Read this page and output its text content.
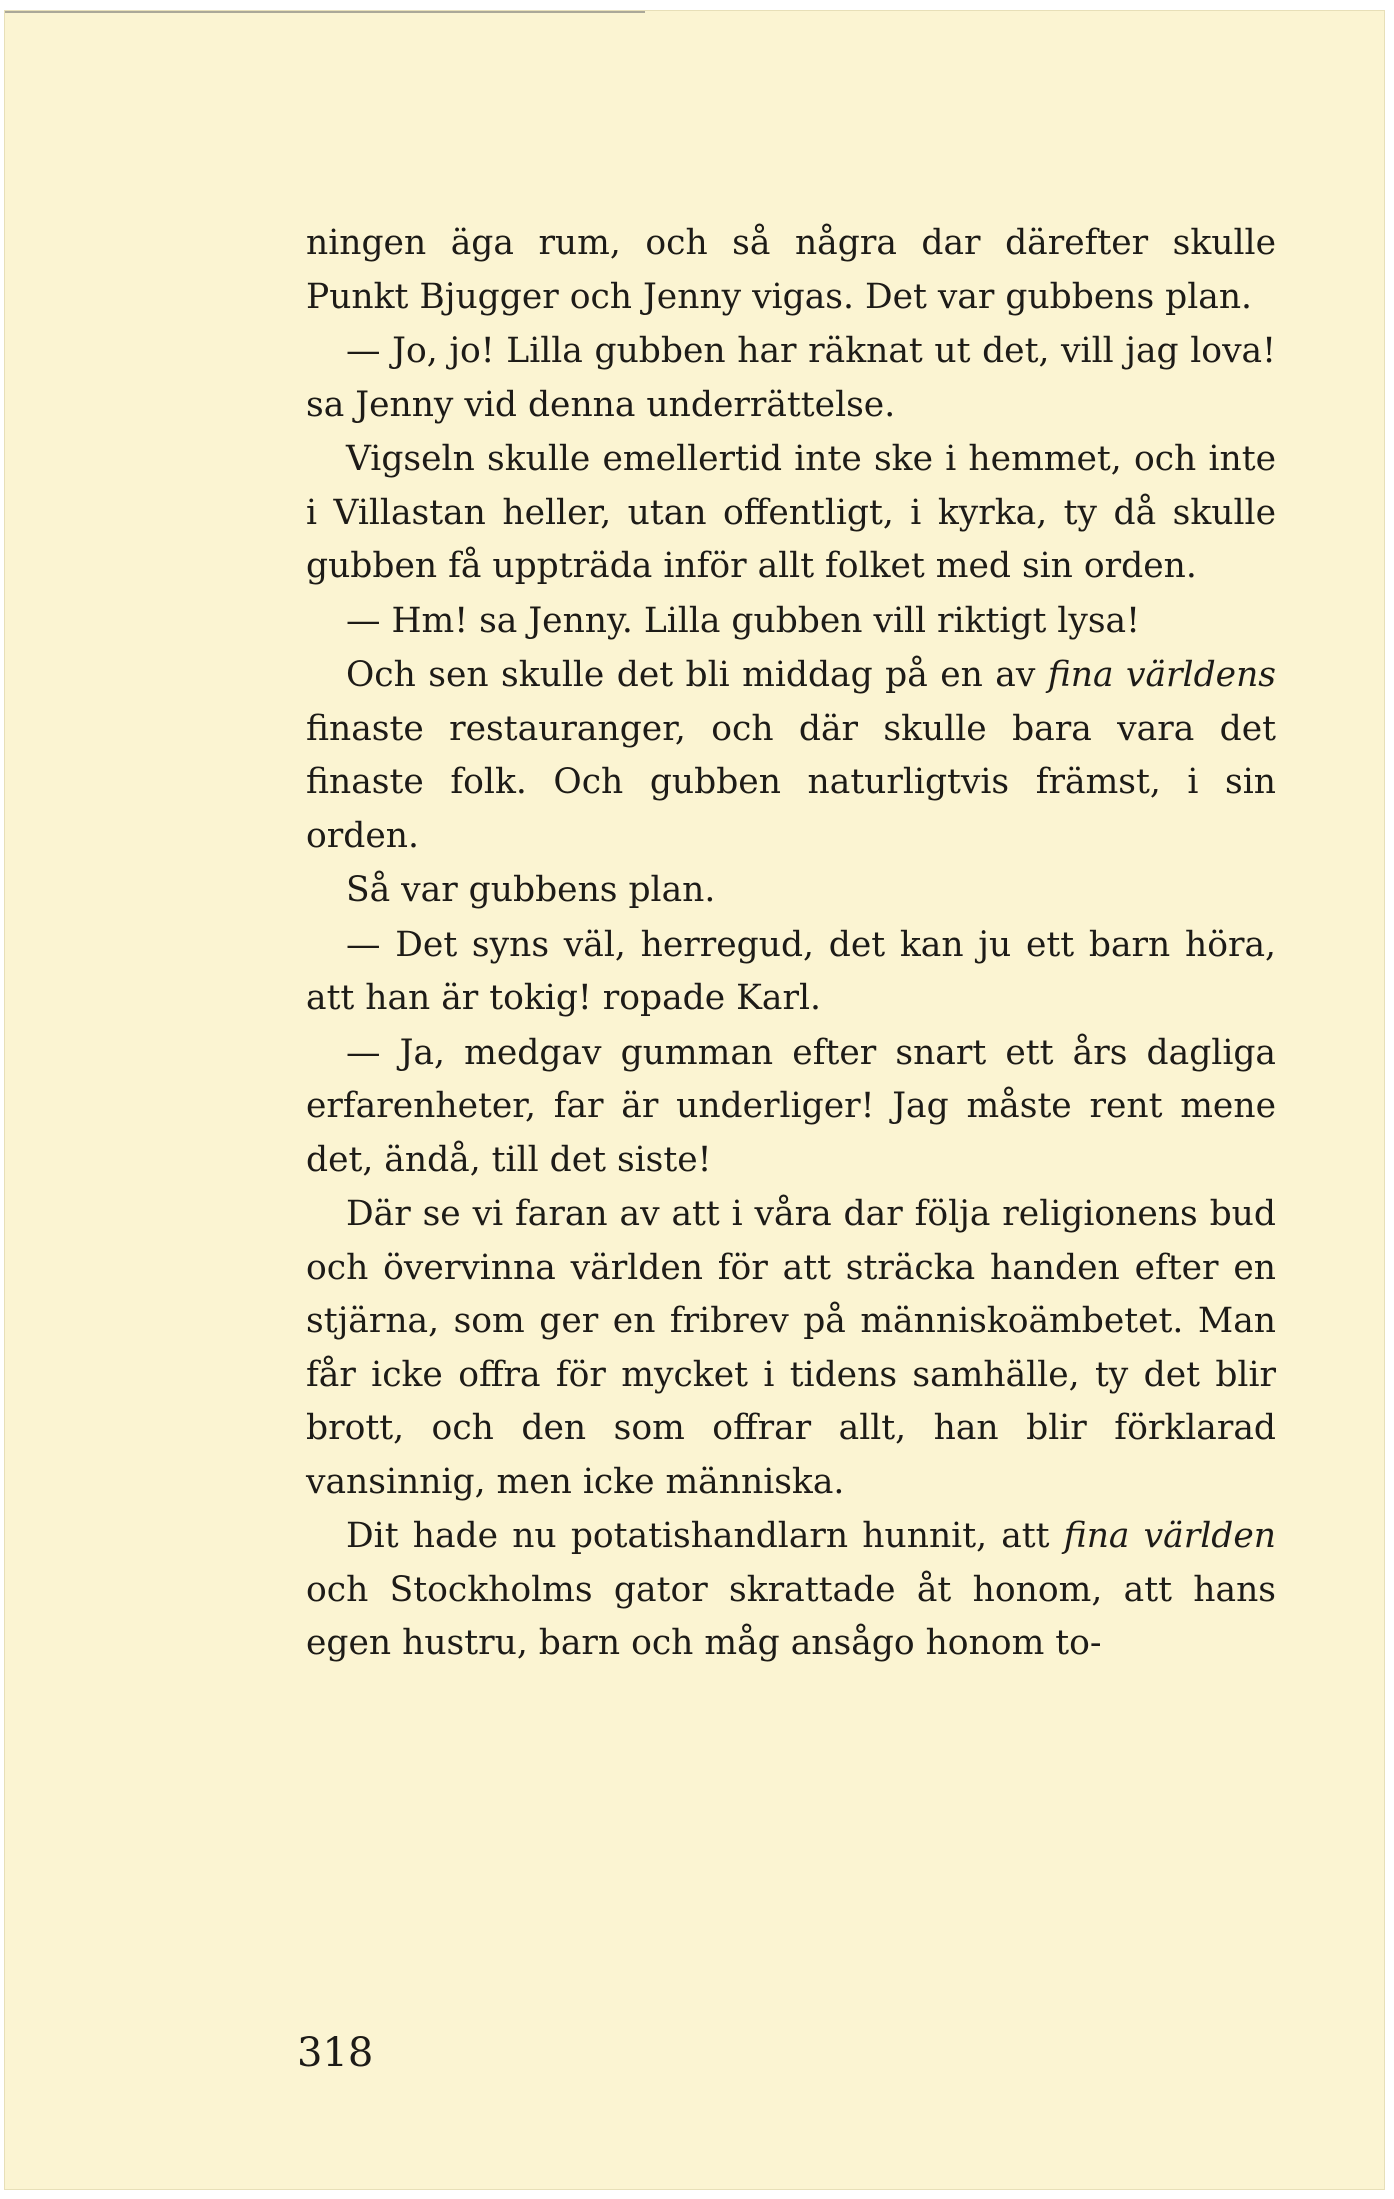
ningen äga rum, och så några dar därefter skulle Punkt Bjugger och Jenny vigas. Det var gubbens plan.

— Jo, jo! Lilla gubben har räknat ut det, vill jag lova! sa Jenny vid denna underrättelse.

Vigseln skulle emellertid inte ske i hemmet, och inte i Villastan heller, utan offentligt, i kyrka, ty då skulle gubben få uppträda inför allt folket med sin orden.

— Hm! sa Jenny. Lilla gubben vill riktigt lysa!

Och sen skulle det bli middag på en av fina världens finaste restauranger, och där skulle bara vara det finaste folk. Och gubben naturligtvis främst, i sin orden.

Så var gubbens plan.

— Det syns väl, herregud, det kan ju ett barn höra, att han är tokig! ropade Karl.

— Ja, medgav gumman efter snart ett års dagliga erfarenheter, far är underliger! Jag måste rent mene det, ändå, till det siste!

Där se vi faran av att i våra dar följa religionens bud och övervinna världen för att sträcka handen efter en stjärna, som ger en fribrev på människoämbetet. Man får icke offra för mycket i tidens samhälle, ty det blir brott, och den som offrar allt, han blir förklarad vansinnig, men icke människa.

Dit hade nu potatishandlarn hunnit, att fina världen och Stockholms gator skrattade åt honom, att hans egen hustru, barn och måg ansågo honom to-

318
